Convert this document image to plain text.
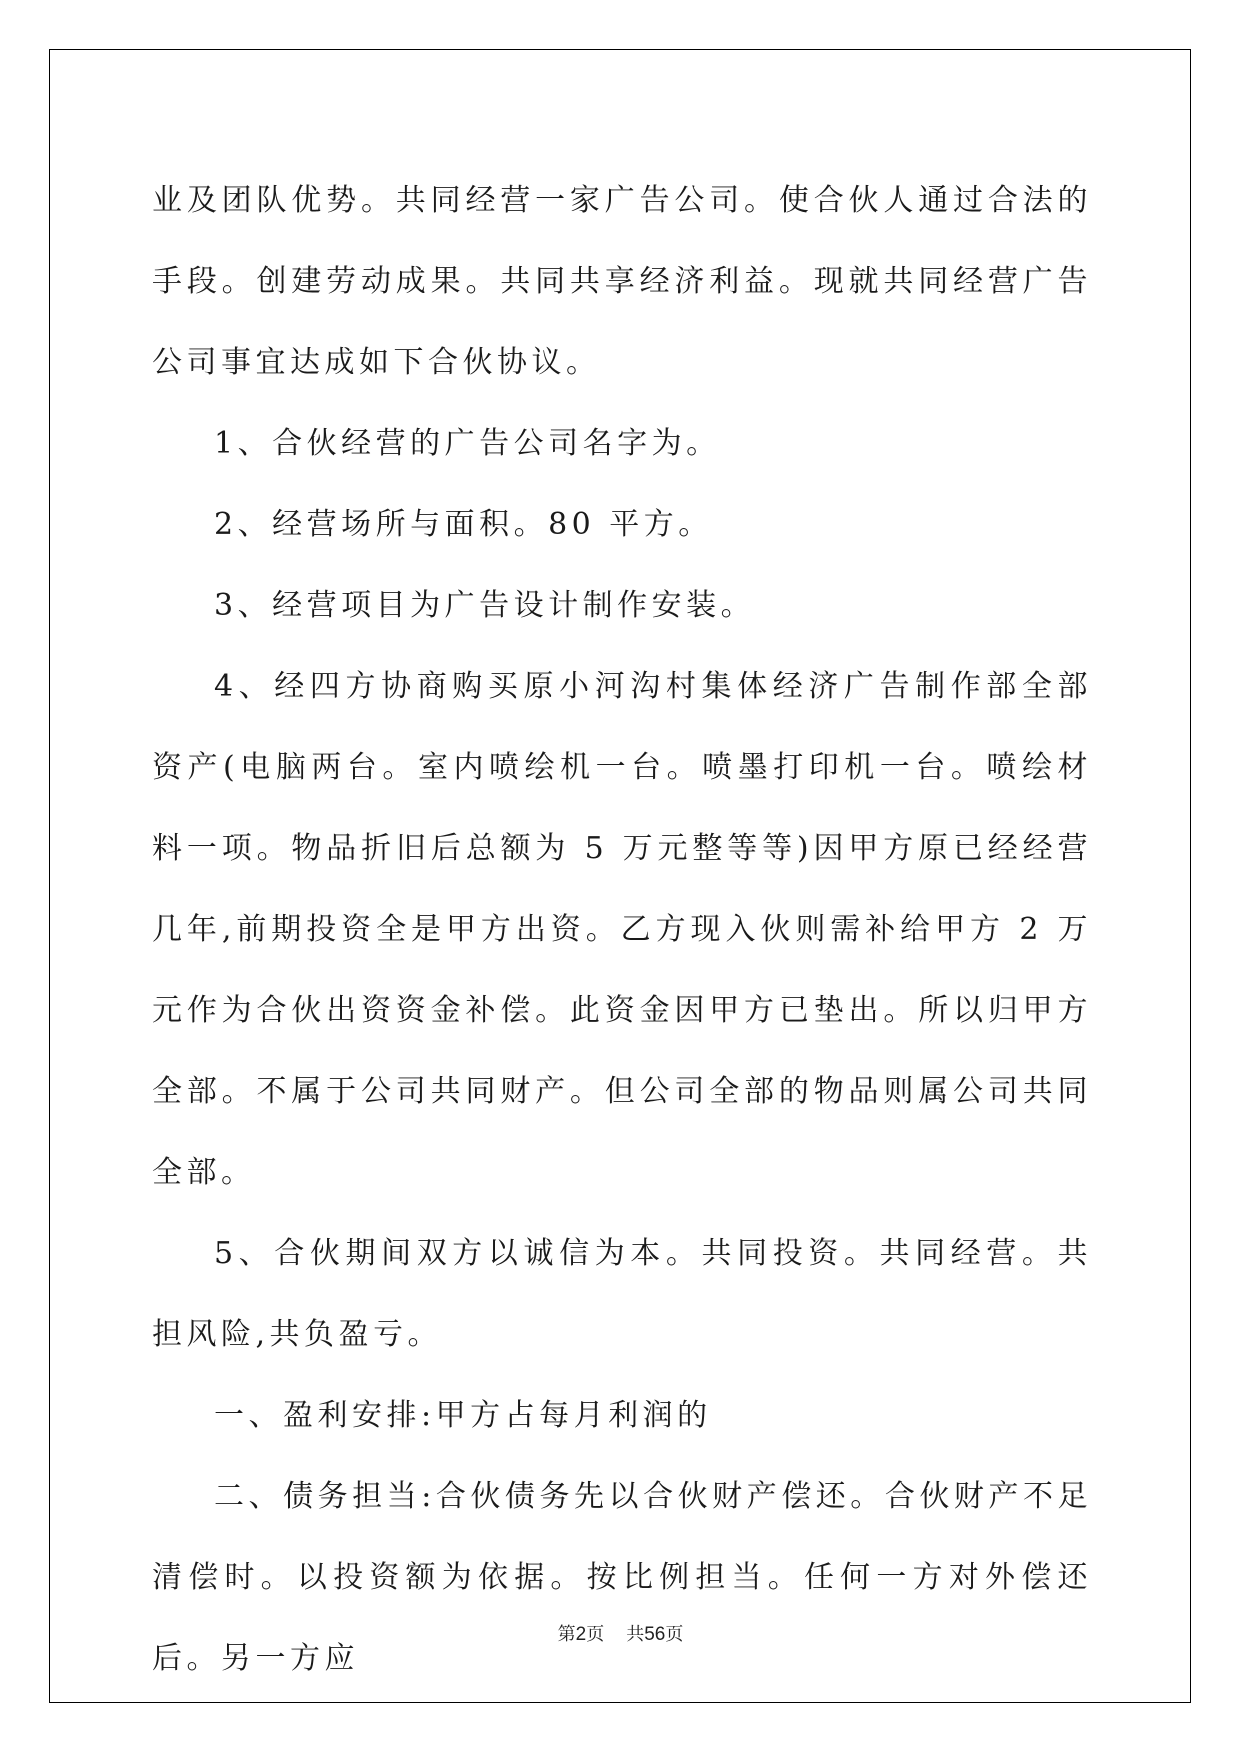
业及团队优势。共同经营一家广告公司。使合伙人通过合法的手段。创建劳动成果。共同共享经济利益。现就共同经营广告公司事宜达成如下合伙协议。

1、合伙经营的广告公司名字为。

2、经营场所与面积。80 平方。

3、经营项目为广告设计制作安装。

4、经四方协商购买原小河沟村集体经济广告制作部全部资产(电脑两台。室内喷绘机一台。喷墨打印机一台。喷绘材料一项。物品折旧后总额为 5 万元整等等)因甲方原已经经营几年,前期投资全是甲方出资。乙方现入伙则需补给甲方 2 万 元作为合伙出资资金补偿。此资金因甲方已垫出。所以归甲方全部。不属于公司共同财产。但公司全部的物品则属公司共同全部。

5、合伙期间双方以诚信为本。共同投资。共同经营。共担风险,共负盈亏。

一、盈利安排:甲方占每月利润的

二、债务担当:合伙债务先以合伙财产偿还。合伙财产不足清偿时。以投资额为依据。按比例担当。任何一方对外偿还后。另一方应

第2页 共56页
